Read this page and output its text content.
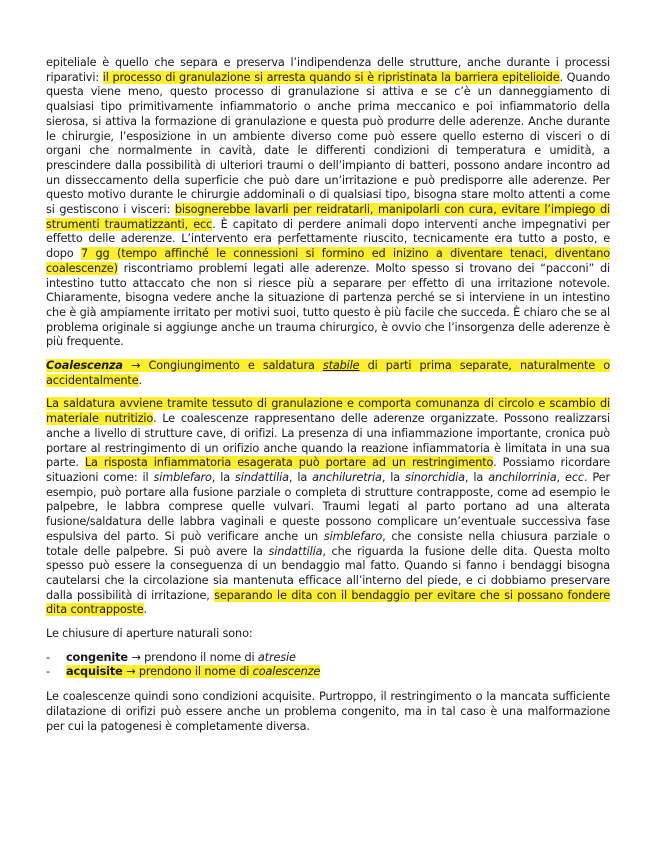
epiteliale è quello che separa e preserva l’indipendenza delle strutture, anche durante i processi riparativi: il processo di granulazione si arresta quando si è ripristinata la barriera epitelioide. Quando questa viene meno, questo processo di granulazione si attiva e se c’è un danneggiamento di qualsiasi tipo primitivamente infiammatorio o anche prima meccanico e poi infiammatorio della sierosa, si attiva la formazione di granulazione e questa può produrre delle aderenze. Anche durante le chirurgie, l’esposizione in un ambiente diverso come può essere quello esterno di visceri o di organi che normalmente in cavità, date le differenti condizioni di temperatura e umidità, a prescindere dalla possibilità di ulteriori traumi o dell’impianto di batteri, possono andare incontro ad un disseccamento della superficie che può dare un’irritazione e può predisporre alle aderenze. Per questo motivo durante le chirurgie addominali o di qualsiasi tipo, bisogna stare molto attenti a come si gestiscono i visceri: bisognerebbe lavarli per reidratarli, manipolarli con cura, evitare l’impiego di strumenti traumatizzanti, ecc. È capitato di perdere animali dopo interventi anche impegnativi per effetto delle aderenze. L’intervento era perfettamente riuscito, tecnicamente era tutto a posto, e dopo 7 gg (tempo affinché le connessioni si formino ed inizino a diventare tenaci, diventano coalescenze) riscontriamo problemi legati alle aderenze. Molto spesso si trovano dei “pacconi” di intestino tutto attaccato che non si riesce più a separare per effetto di una irritazione notevole. Chiaramente, bisogna vedere anche la situazione di partenza perché se si interviene in un intestino che è già ampiamente irritato per motivi suoi, tutto questo è più facile che succeda. È chiaro che se al problema originale si aggiunge anche un trauma chirurgico, è ovvio che l’insorgenza delle aderenze è più frequente.

Coalescenza → Congiungimento e saldatura stabile di parti prima separate, naturalmente o accidentalmente.

La saldatura avviene tramite tessuto di granulazione e comporta comunanza di circolo e scambio di materiale nutritizio. Le coalescenze rappresentano delle aderenze organizzate. Possono realizzarsi anche a livello di strutture cave, di orifizi. La presenza di una infiammazione importante, cronica può portare al restringimento di un orifizio anche quando la reazione infiammatoria è limitata in una sua parte. La risposta infiammatoria esagerata può portare ad un restringimento. Possiamo ricordare situazioni come: il simblefaro, la sindattilia, la anchiluretria, la sinorchidia, la anchilorrinia, ecc. Per esempio, può portare alla fusione parziale o completa di strutture contrapposte, come ad esempio le palpebre, le labbra comprese quelle vulvari. Traumi legati al parto portano ad una alterata fusione/saldatura delle labbra vaginali e queste possono complicare un’eventuale successiva fase espulsiva del parto. Si può verificare anche un simblefaro, che consiste nella chiusura parziale o totale delle palpebre. Si può avere la sindattilia, che riguarda la fusione delle dita. Questa molto spesso può essere la conseguenza di un bendaggio mal fatto. Quando si fanno i bendaggi bisogna cautelarsi che la circolazione sia mantenuta efficace all’interno del piede, e ci dobbiamo preservare dalla possibilità di irritazione, separando le dita con il bendaggio per evitare che si possano fondere dita contrapposte.

Le chiusure di aperture naturali sono:

- congenite → prendono il nome di atresie
- acquisite → prendono il nome di coalescenze

Le coalescenze quindi sono condizioni acquisite. Purtroppo, il restringimento o la mancata sufficiente dilatazione di orifizi può essere anche un problema congenito, ma in tal caso è una malformazione per cui la patogenesi è completamente diversa.
